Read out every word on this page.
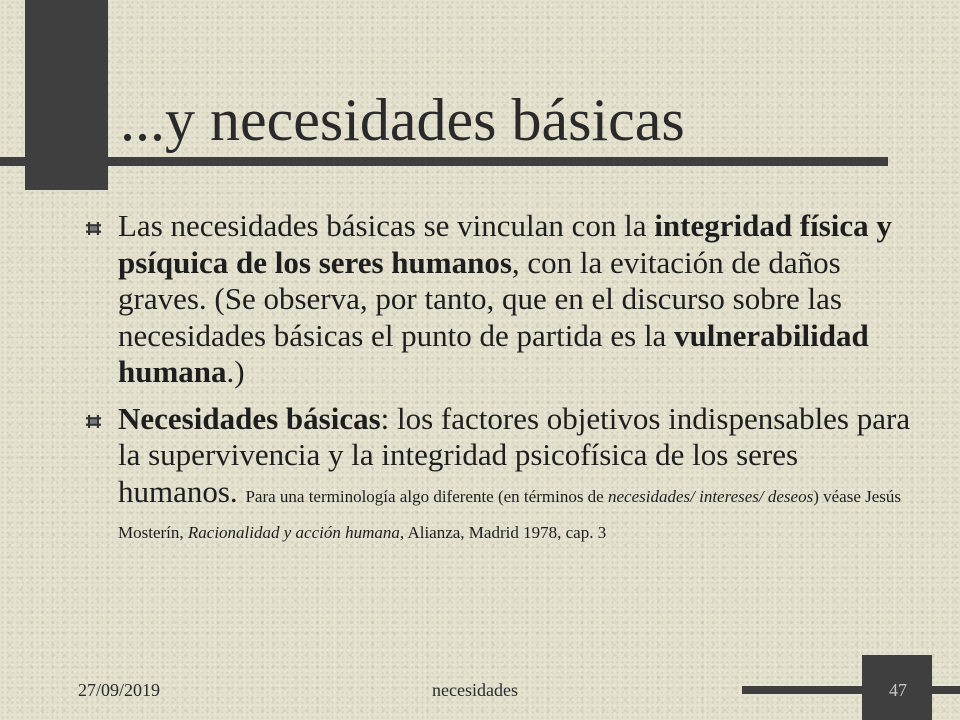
...y necesidades básicas

Las necesidades básicas se vinculan con la integridad física y psíquica de los seres humanos, con la evitación de daños graves. (Se observa, por tanto, que en el discurso sobre las necesidades básicas el punto de partida es la vulnerabilidad humana.)

Necesidades básicas: los factores objetivos indispensables para la supervivencia y la integridad psicofísica de los seres humanos. Para una terminología algo diferente (en términos de necesidades/ intereses/ deseos) véase Jesús Mosterín, Racionalidad y acción humana, Alianza, Madrid 1978, cap. 3

27/09/2019	necesidades	47
